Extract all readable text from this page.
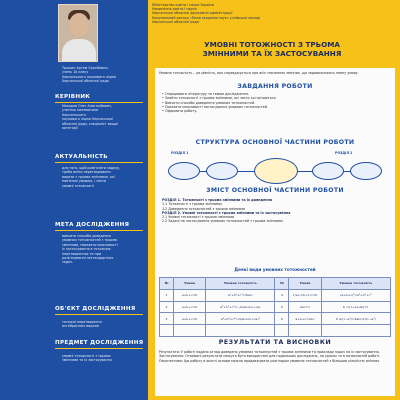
Трошин Артем Сергійович,
учень 10 класу
Херсонського наукового ліцею
Херсонської обласної ради
КЕРІВНИК
Макаров Олег Анатолійович,
учитель математики
Херсонського
наукового ліцею Херсонської
обласної ради, спеціаліст вищої
категорії
АКТУАЛЬНІСТЬ
для того, щоб розв'язати задачу,
треба вміти перетворювати
вирази з трьома змінними, які
пов'язані умовою, і знати
умовні тотожності
МЕТА ДОСЛІДЖЕННЯ
вивчити способи доведення
умовних тотожностей з трьома
змінними, показати можливості
їх застосування в тотожних
перетвореннях та при
розв'язуванні нестандартних
задач.
ОБ'ЄКТ ДОСЛІДЖЕННЯ
тотожні перетворення
алгебраїчних виразів
ПРЕДМЕТ ДОСЛІДЖЕННЯ
умовні тотожності з трьома
змінними та їх застосування
Міністерство освіти і науки України
Управління освіти і науки
Херсонської обласної державної адміністрації
Комунальний заклад «Мала академія наук» учнівської молоді
Херсонської обласної ради
УМОВНІ ТОТОЖНОСТІ З ТРЬОМА ЗМІННИМИ ТА ЇХ ЗАСТОСУВАННЯ
Умовна тотожність – це рівність, яка справджується при всіх значеннях змінних, що задовольняють певну умову.
ЗАВДАННЯ РОБОТИ
• Опрацювати літературу за темою дослідження.
• Знайти тотожності з трьома змінними, які часто зустрічаються.
• Вивчити способи доведення умовних тотожностей.
• Показати можливості застосування умовних тотожностей.
• Оформити роботу.
СТРУКТУРА ОСНОВНОЇ ЧАСТИНИ РОБОТИ
РОЗДІЛ 1	РОЗДІЛ 2
ЗМІСТ ОСНОВНОЇ ЧАСТИНИ РОБОТИ
РОЗДІЛ 1. Тотожності з трьома змінними та їх доведення
1.1 Тотожності з трьома змінними
1.2 Доведення тотожностей з трьома змінними
РОЗДІЛ 2. Умовні тотожності з трьома змінними та їх застосування
2.1 Умовні тотожності з трьома змінними
2.2 Задачі на застосування умовних тотожностей з трьома змінними
Деякі види умовних тотожностей
№	Умова	Умовна тотожність	№	Умова	Умовна тотожність
1	a+b+c=0	a³+b³+c³=3abc	4	1/a+1/b+1/c=0	(a+b+c)²=a²+b²+c²
2	a+b+c=0	a²+b²+c²=−2(ab+bc+ca)	5	abc=1	Σ 1/(1+a+ab)=1
3	a+b+c=0	a⁴+b⁴+c⁴=2(ab+bc+ca)²	6	a+b+c=abc	Σ a/(1−a²)=4abc/Π(1−a²)

РЕЗУЛЬТАТИ ТА ВИСНОВКИ
Результати: У роботі подано огляд доведень умовних тотожностей з трьома змінними та приклади задач на їх застосування.
Застосування: Отримані результати можуть бути використані для подальших досліджень, на уроках та в позакласній роботі.
Перспективи: Цю роботу в якості основи можна продовжувати розглядом умовних тотожностей з більшою кількістю змінних.
